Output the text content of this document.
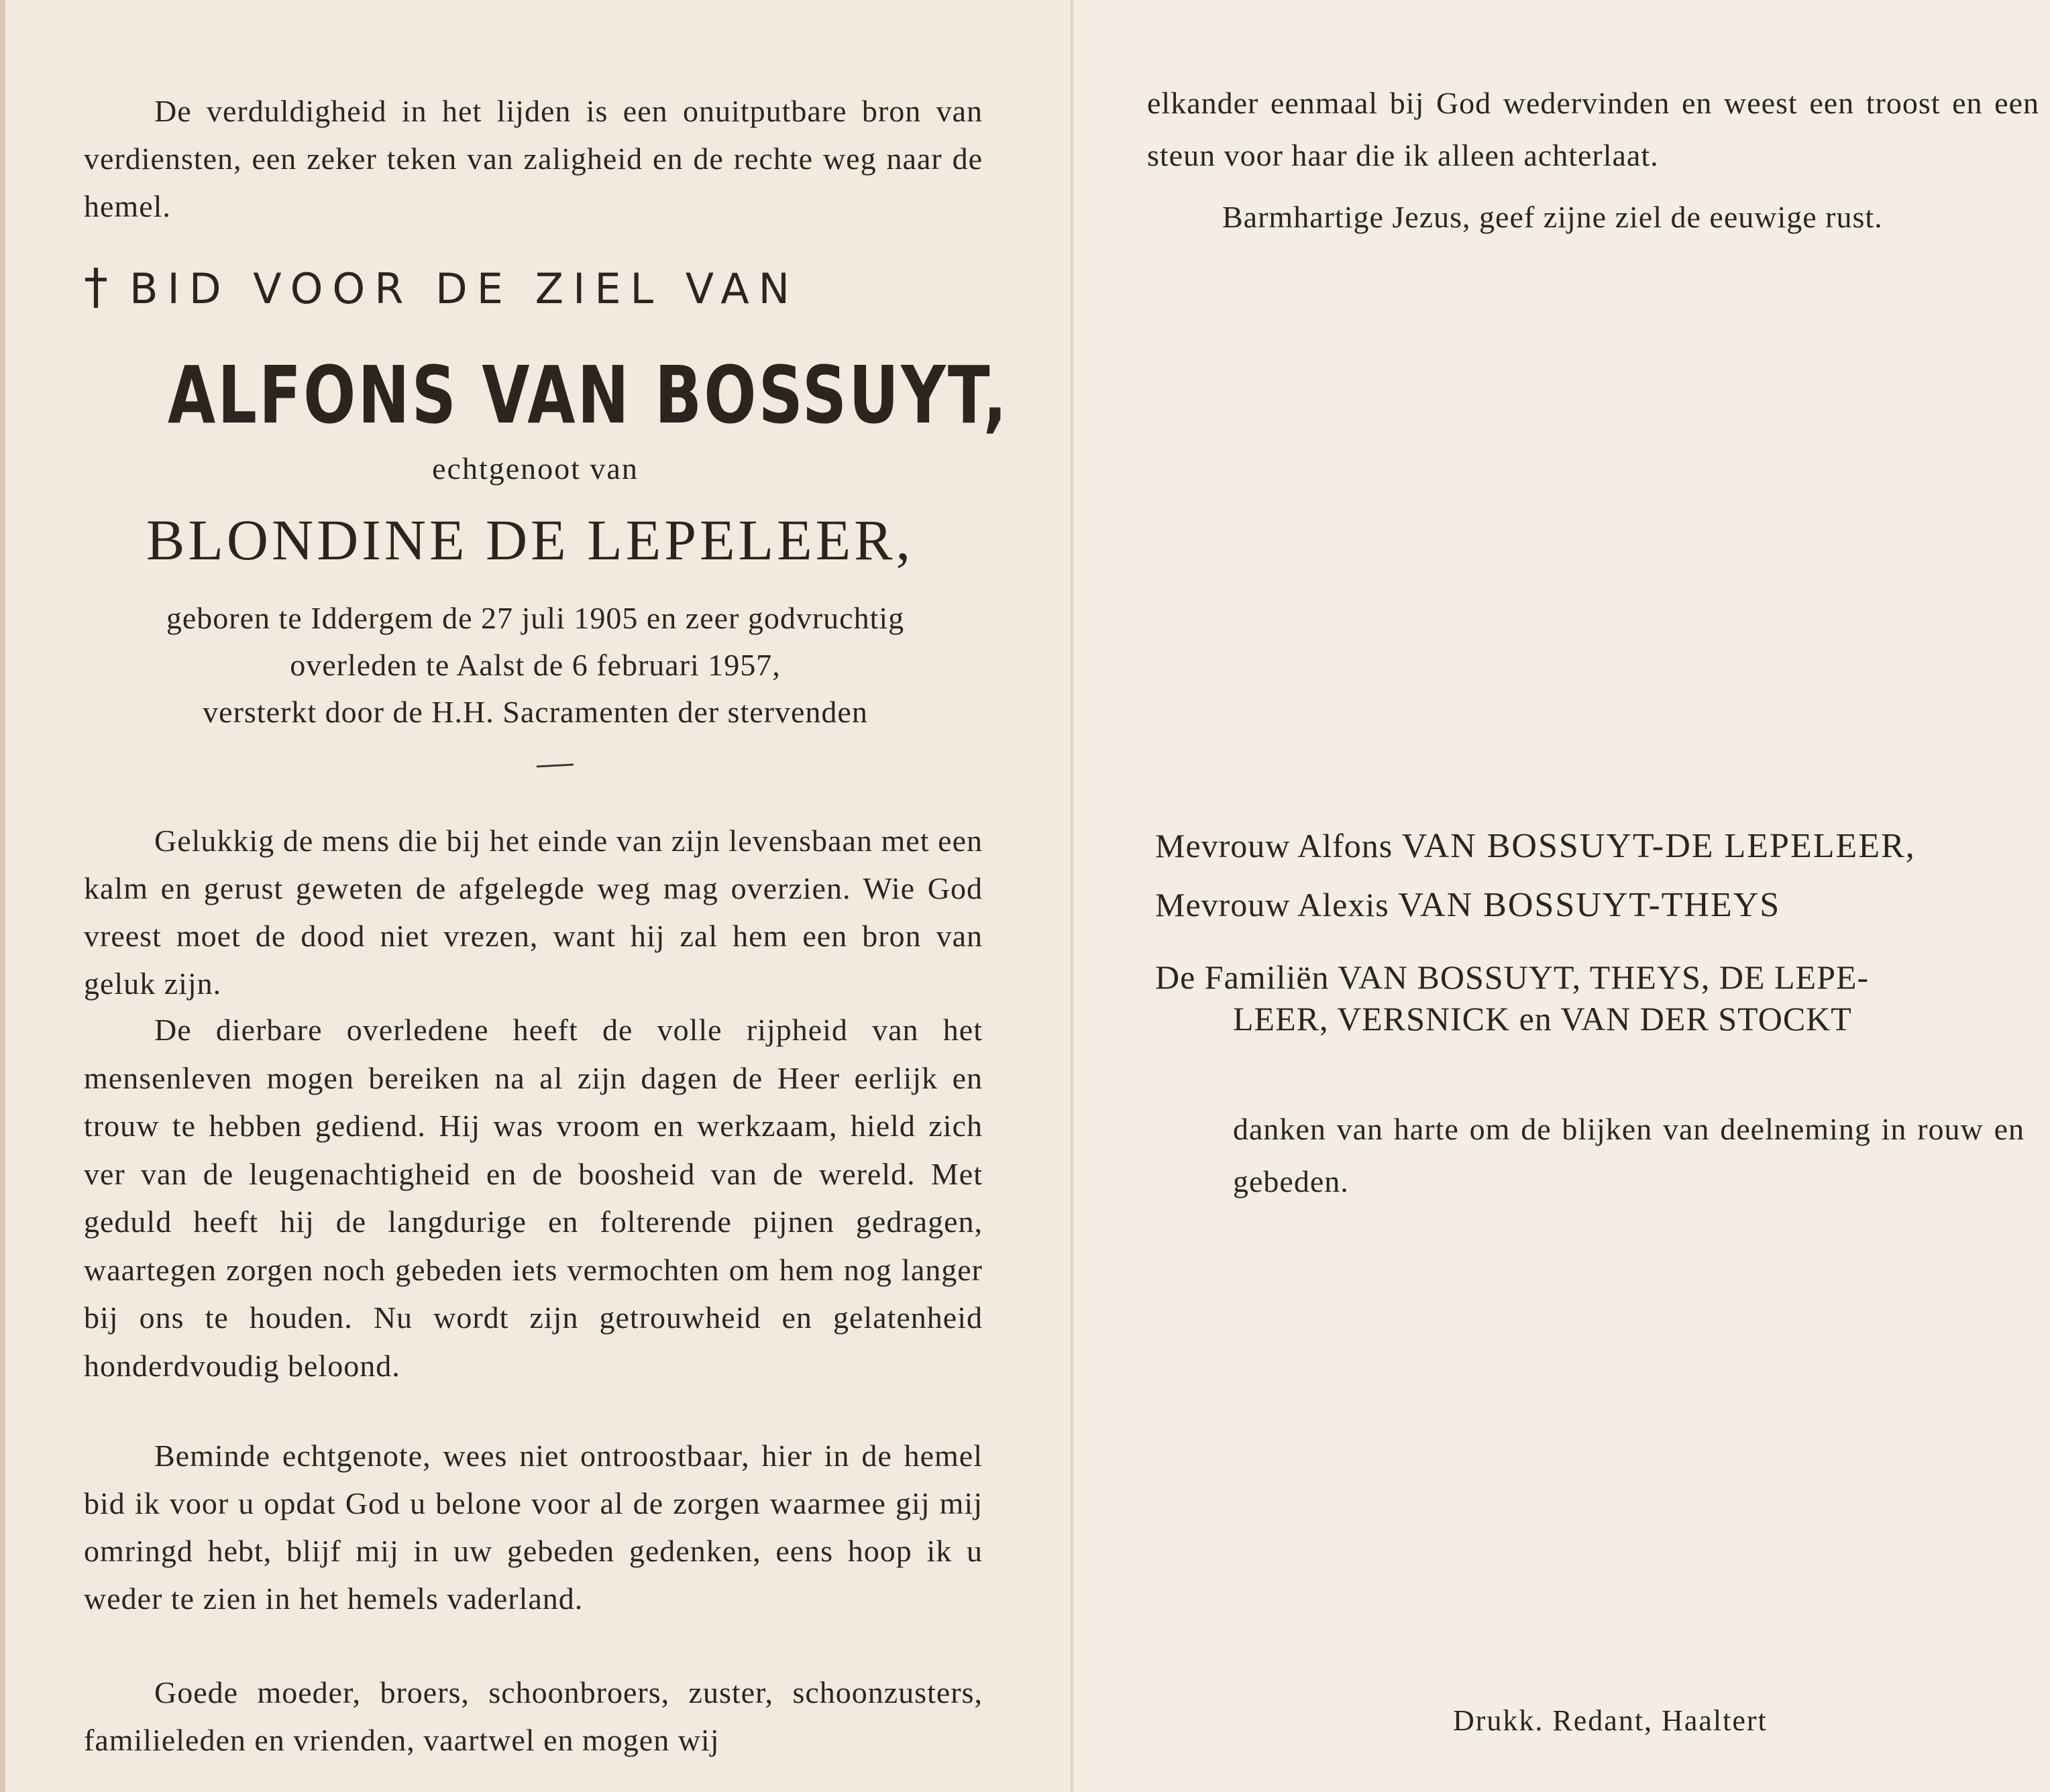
De verduldigheid in het lijden is een onuitputbare bron van verdiensten, een zeker teken van zaligheid en de rechte weg naar de hemel.

† BID VOOR DE ZIEL VAN
ALFONS VAN BOSSUYT,
echtgenoot van
BLONDINE DE LEPELEER,
geboren te Iddergem de 27 juli 1905 en zeer godvruchtig
overleden te Aalst de 6 februari 1957,
versterkt door de H.H. Sacramenten der stervenden

Gelukkig de mens die bij het einde van zijn levensbaan met een kalm en gerust geweten de afgelegde weg mag overzien. Wie God vreest moet de dood niet vrezen, want hij zal hem een bron van geluk zijn.

De dierbare overledene heeft de volle rijpheid van het mensenleven mogen bereiken na al zijn dagen de Heer eerlijk en trouw te hebben gediend. Hij was vroom en werkzaam, hield zich ver van de leugenachtigheid en de boosheid van de wereld. Met geduld heeft hij de langdurige en folterende pijnen gedragen, waartegen zorgen noch gebeden iets vermochten om hem nog langer bij ons te houden. Nu wordt zijn getrouwheid en gelatenheid honderdvoudig beloond.

Beminde echtgenote, wees niet ontroostbaar, hier in de hemel bid ik voor u opdat God u belone voor al de zorgen waarmee gij mij omringd hebt, blijf mij in uw gebeden gedenken, eens hoop ik u weder te zien in het hemels vaderland.

Goede moeder, broers, schoonbroers, zuster, schoonzusters, familieleden en vrienden, vaartwel en mogen wij

elkander eenmaal bij God wedervinden en weest een troost en een steun voor haar die ik alleen achterlaat.

Barmhartige Jezus, geef zijne ziel de eeuwige rust.

Mevrouw Alfons VAN BOSSUYT-DE LEPELEER,
Mevrouw Alexis VAN BOSSUYT-THEYS
De Familiën VAN BOSSUYT, THEYS, DE LEPE-
LEER, VERSNICK en VAN DER STOCKT

danken van harte om de blijken van deelneming in rouw en gebeden.

Drukk. Redant, Haaltert
